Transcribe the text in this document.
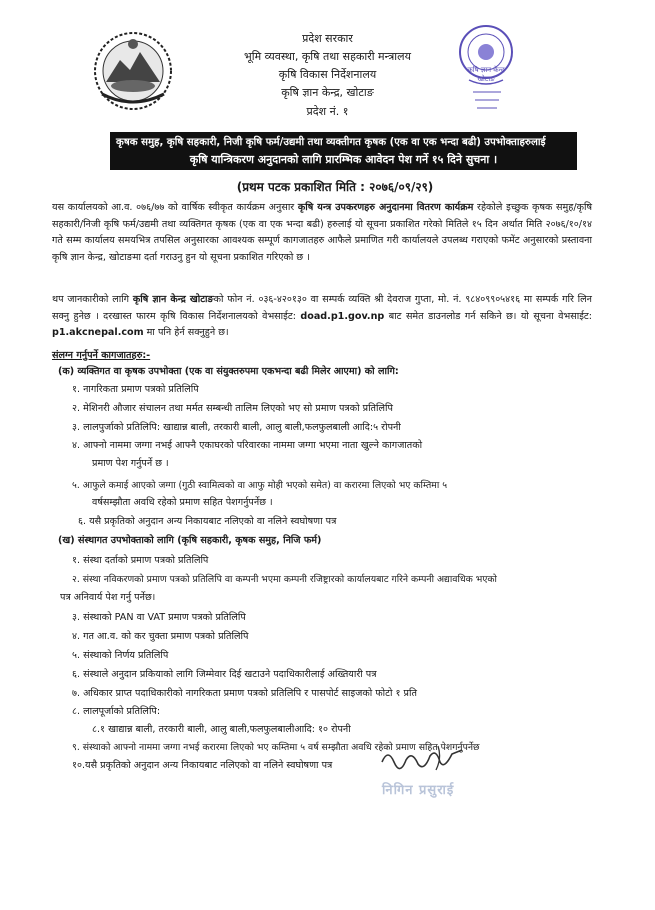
कृषि ज्ञान केन्द्र
खोटाङ
प्रदेश सरकार
भूमि व्यवस्था, कृषि तथा सहकारी मन्त्रालय
कृषि विकास निर्देशनालय
कृषि ज्ञान केन्द्र, खोटाङ
प्रदेश नं. १
कृषक समुह, कृषि सहकारी, निजी कृषि फर्म/उद्यमी तथा व्यक्तीगत कृषक (एक वा एक भन्दा बढी) उपभोक्ताहरुलाई
कृषि यान्त्रिकरण अनुदानको लागि प्रारम्भिक आवेदन पेश गर्ने १५ दिने सुचना ।
(प्रथम पटक प्रकाशित मिति : २०७६/०९/२९)
यस कार्यालयको आ.व. ०७६/७७ को वार्षिक स्वीकृत कार्यक्रम अनुसार कृषि यन्त्र उपकरणहरु अनुदानमा वितरण कार्यक्रम रहेकोले इच्छुक कृषक समुह/कृषि सहकारी/निजी कृषि फर्म/उद्यमी तथा व्यक्तिगत कृषक (एक वा एक भन्दा बढी) हरुलाई यो सूचना प्रकाशित गरेको मितिले १५ दिन अर्थात मिति २०७६/१०/१४ गते सम्म कार्यालय समयभित्र तपसिल अनुसारका आवश्यक सम्पूर्ण कागजातहरु आफैले प्रमाणित गरी कार्यालयले उपलब्ध गराएको फमेंट अनुसारको प्रस्तावना कृषि ज्ञान केन्द्र, खोटाङमा दर्ता गराउनु हुन यो सूचना प्रकाशित गरिएको छ ।
थप जानकारीको लागि कृषि ज्ञान केन्द्र खोटाङको फोन नं. ०३६-४२०१३० वा सम्पर्क व्यक्ति श्री देवराज गुप्ता, मो. नं. ९८४०९९०५४१६ मा सम्पर्क गरि लिन सक्नु हुनेछ । दरखास्त फारम कृषि विकास निर्देशनालयको वेभसाईट: doad.p1.gov.np बाट समेत डाउनलोड गर्न सकिने छ। यो सूचना वेभसाईट: p1.akcnepal.com मा पनि हेर्न सक्नुहुने छ।
संलग्न गर्नुपर्ने कागजातहरु:-
(क) व्यक्तिगत वा कृषक उपभोक्ता (एक वा संयुक्तरुपमा एकभन्दा बढी मिलेर आएमा) को लागि:
१. नागरिकता प्रमाण पत्रको प्रतिलिपि
२. मेशिनरी औजार संचालन तथा मर्मत सम्बन्धी तालिम लिएको भए सो प्रमाण पत्रको प्रतिलिपि
३. लालपुर्जाको प्रतिलिपि: खाद्यान्न बाली, तरकारी बाली, आलु बाली,फलफुलबाली आदि:५ रोपनी
४. आफ्नो नाममा जग्गा नभई आफ्नै एकाघरको परिवारका नाममा जग्गा भएमा नाता खुल्ने कागजातको
प्रमाण पेश गर्नुपर्ने छ ।
५. आफुले कमाई आएको जग्गा (गुठी स्वामित्वको वा आफु मोही भएको समेत) वा करारमा लिएको भए कम्तिमा ५
वर्षसम्झौता अवधि रहेको प्रमाण सहित पेशगर्नुपर्नेछ ।
६. यसै प्रकृतिको अनुदान अन्य निकायबाट नलिएको वा नलिने स्वघोषणा पत्र
(ख) संस्थागत उपभोक्ताको लागि (कृषि सहकारी, कृषक समुह, निजि फर्म)
१. संस्था दर्ताको प्रमाण पत्रको प्रतिलिपि
२. संस्था नविकरणको प्रमाण पत्रको प्रतिलिपि वा कम्पनी भएमा कम्पनी रजिष्ट्रारको कार्यालयबाट गरिने कम्पनी अद्यावधिक भएको
पत्र अनिवार्य पेश गर्नु पर्नेछ।
३. संस्थाको PAN वा VAT प्रमाण पत्रको प्रतिलिपि
४. गत आ.व. को कर चुक्ता प्रमाण पत्रको प्रतिलिपि
५. संस्थाको निर्णय प्रतिलिपि
६. संस्थाले अनुदान प्रकियाको लागि जिम्मेवार दिई खटाउने पदाधिकारीलाई अख्तियारी पत्र
७. अधिकार प्राप्त पदाधिकारीको नागरिकता प्रमाण पत्रको प्रतिलिपि र पासपोर्ट साइजको फोटो १ प्रति
८. लालपूर्जाको प्रतिलिपि:
८.१ खाद्यान्न बाली, तरकारी बाली, आलु बाली,फलफुलबालीआदि: १० रोपनी
९. संस्थाको आफ्नो नाममा जग्गा नभई करारमा लिएको भए कम्तिमा ५ वर्ष सम्झौता अवधि रहेको प्रमाण सहित पेशगर्नुपर्नेछ
१०.यसै प्रकृतिको अनुदान अन्य निकायबाट नलिएको वा नलिने स्वघोषणा पत्र
निगिन प्रसुराई
